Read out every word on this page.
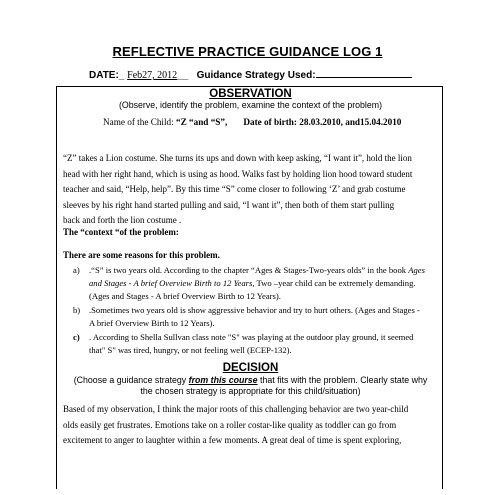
REFLECTIVE PRACTICE GUIDANCE LOG 1
DATE:_ Feb27, 2012__ Guidance Strategy Used:
OBSERVATION
(Observe, identify the problem, examine the context of the problem)
Name of the Child: “Z “and “S”, Date of birth: 28.03.2010, and15.04.2010
“Z” takes a Lion costume. She turns its ups and down with keep asking, “I want it”, hold the lion
head with her right hand, which is using as hood. Walks fast by holding lion hood toward student
teacher and said, “Help, help”. By this time “S” come closer to following ‘Z’ and grab costume
sleeves by his right hand started pulling and said, “I want it”, then both of them start pulling
back and forth the lion costume .
The “context “of the problem:
There are some reasons for this problem.
a) .“S” is two years old. According to the chapter “Ages & Stages-Two-years olds” in the book Ages
and Stages - A brief Overview Birth to 12 Years, Two –year child can be extremely demanding.
(Ages and Stages - A brief Overview Birth to 12 Years).
b) .Sometimes two years old is show aggressive behavior and try to hurt others. (Ages and Stages -
A brief Overview Birth to 12 Years).
c) . According to Shella Sullvan class note "S" was playing at the outdoor play ground, it seemed
that" S" was tired, hungry, or not feeling well (ECEP-132).
DECISION
(Choose a guidance strategy from this course that fits with the problem. Clearly state why
the chosen strategy is appropriate for this child/situation)
Based of my observation, I think the major roots of this challenging behavior are two year-child
olds easily get frustrates. Emotions take on a roller costar-like quality as toddler can go from
excitement to anger to laughter within a few moments. A great deal of time is spent exploring,
